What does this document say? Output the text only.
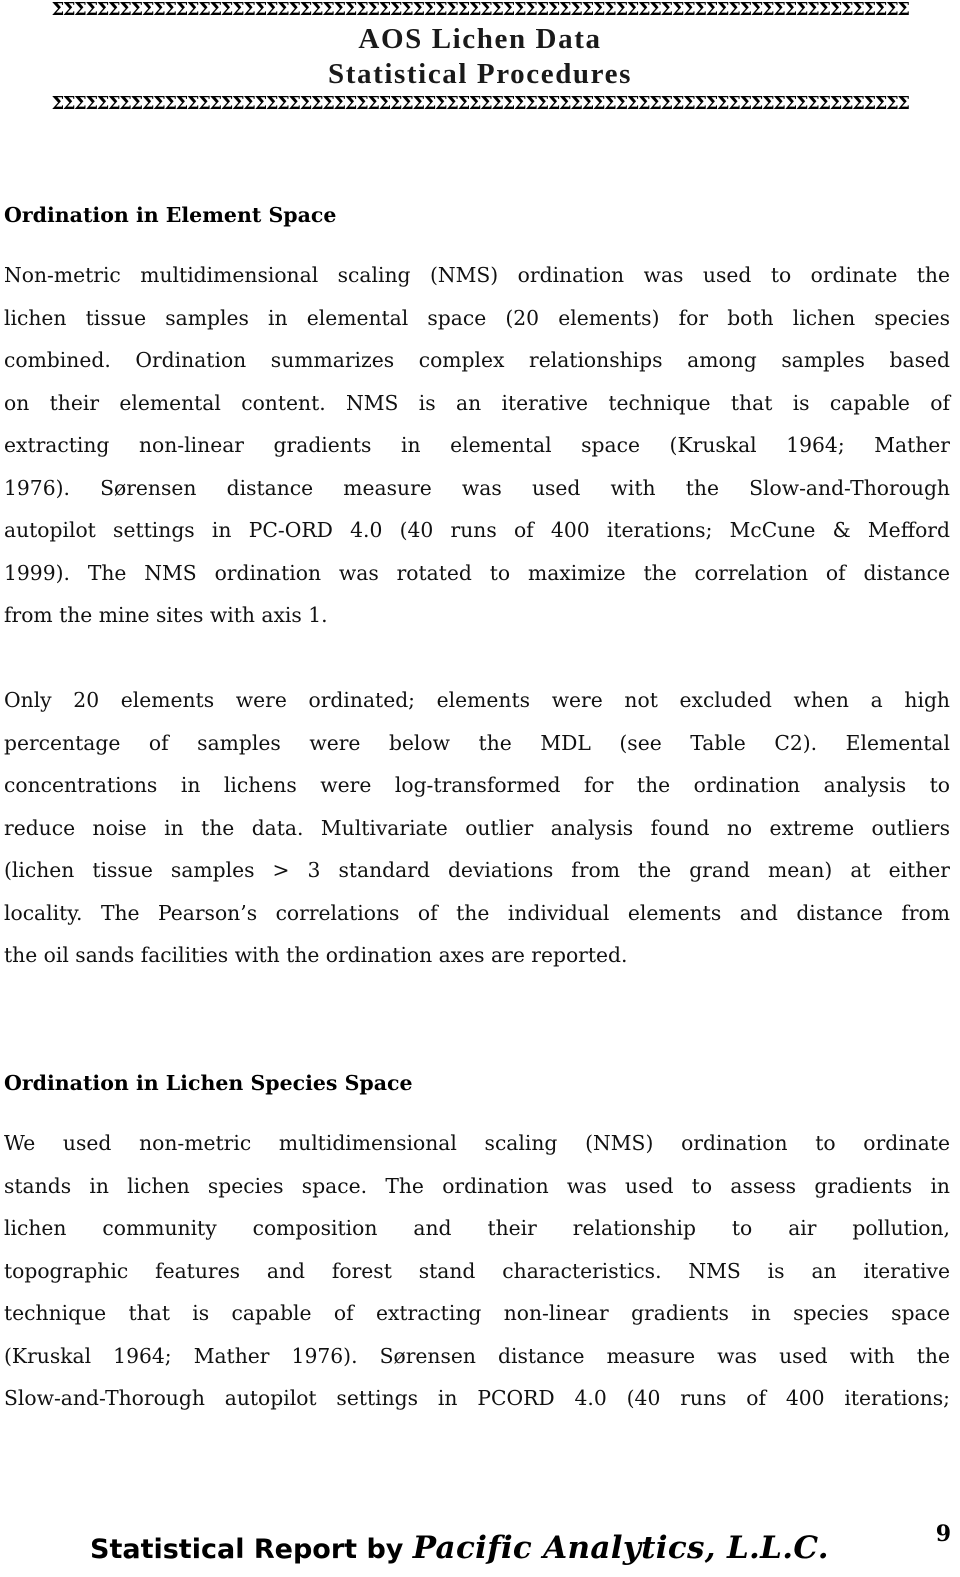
ΣΣΣΣΣΣΣΣΣΣΣΣΣΣΣΣΣΣΣΣΣΣΣΣΣΣΣΣΣΣΣΣΣΣΣΣΣΣΣΣΣΣΣΣΣΣΣΣΣΣΣΣΣΣΣΣΣΣΣΣΣΣΣΣΣΣΣΣΣΣΣΣΣΣΣΣ
AOS Lichen Data
Statistical Procedures
ΣΣΣΣΣΣΣΣΣΣΣΣΣΣΣΣΣΣΣΣΣΣΣΣΣΣΣΣΣΣΣΣΣΣΣΣΣΣΣΣΣΣΣΣΣΣΣΣΣΣΣΣΣΣΣΣΣΣΣΣΣΣΣΣΣΣΣΣΣΣΣΣΣΣΣΣ
Ordination in Element Space
Non-metric multidimensional scaling (NMS) ordination was used to ordinate the
lichen tissue samples in elemental space (20 elements) for both lichen species
combined. Ordination summarizes complex relationships among samples based
on their elemental content. NMS is an iterative technique that is capable of
extracting non-linear gradients in elemental space (Kruskal 1964; Mather
1976). Sørensen distance measure was used with the Slow-and-Thorough
autopilot settings in PC-ORD 4.0 (40 runs of 400 iterations; McCune & Mefford
1999). The NMS ordination was rotated to maximize the correlation of distance
from the mine sites with axis 1.
Only 20 elements were ordinated; elements were not excluded when a high
percentage of samples were below the MDL (see Table C2). Elemental
concentrations in lichens were log-transformed for the ordination analysis to
reduce noise in the data. Multivariate outlier analysis found no extreme outliers
(lichen tissue samples > 3 standard deviations from the grand mean) at either
locality. The Pearson’s correlations of the individual elements and distance from
the oil sands facilities with the ordination axes are reported.
Ordination in Lichen Species Space
We used non-metric multidimensional scaling (NMS) ordination to ordinate
stands in lichen species space. The ordination was used to assess gradients in
lichen community composition and their relationship to air pollution,
topographic features and forest stand characteristics. NMS is an iterative
technique that is capable of extracting non-linear gradients in species space
(Kruskal 1964; Mather 1976). Sørensen distance measure was used with the
Slow-and-Thorough autopilot settings in PCORD 4.0 (40 runs of 400 iterations;
Statistical Report by Pacific Analytics, L.L.C.	9
